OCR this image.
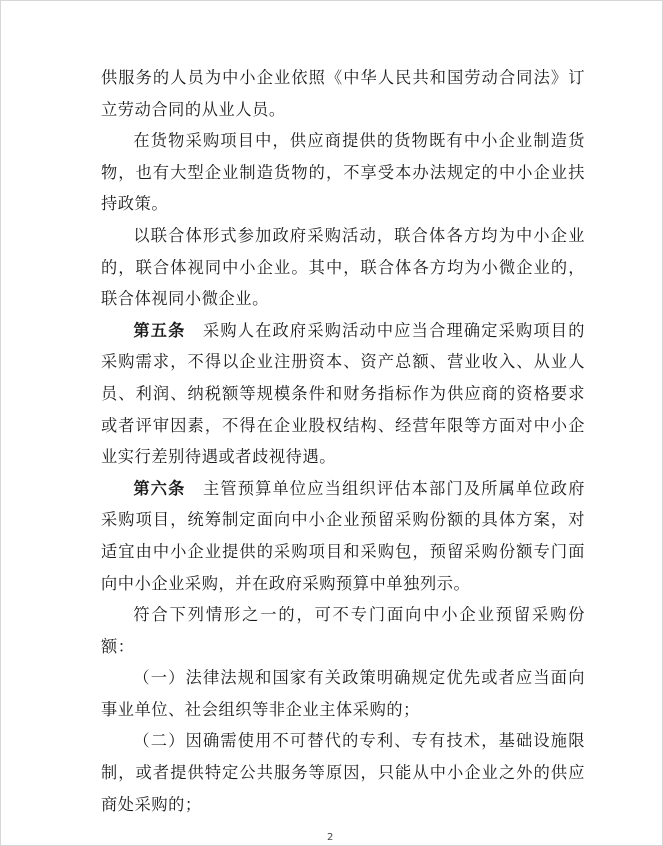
供服务的人员为中小企业依照《中华人民共和国劳动合同法》订立劳动合同的从业人员。

在货物采购项目中，供应商提供的货物既有中小企业制造货物，也有大型企业制造货物的，不享受本办法规定的中小企业扶持政策。

以联合体形式参加政府采购活动，联合体各方均为中小企业的，联合体视同中小企业。其中，联合体各方均为小微企业的，联合体视同小微企业。

第五条　采购人在政府采购活动中应当合理确定采购项目的采购需求，不得以企业注册资本、资产总额、营业收入、从业人员、利润、纳税额等规模条件和财务指标作为供应商的资格要求或者评审因素，不得在企业股权结构、经营年限等方面对中小企业实行差别待遇或者歧视待遇。

第六条　主管预算单位应当组织评估本部门及所属单位政府采购项目，统筹制定面向中小企业预留采购份额的具体方案，对适宜由中小企业提供的采购项目和采购包，预留采购份额专门面向中小企业采购，并在政府采购预算中单独列示。

符合下列情形之一的，可不专门面向中小企业预留采购份额：

（一）法律法规和国家有关政策明确规定优先或者应当面向事业单位、社会组织等非企业主体采购的；

（二）因确需使用不可替代的专利、专有技术，基础设施限制，或者提供特定公共服务等原因，只能从中小企业之外的供应商处采购的；

2
